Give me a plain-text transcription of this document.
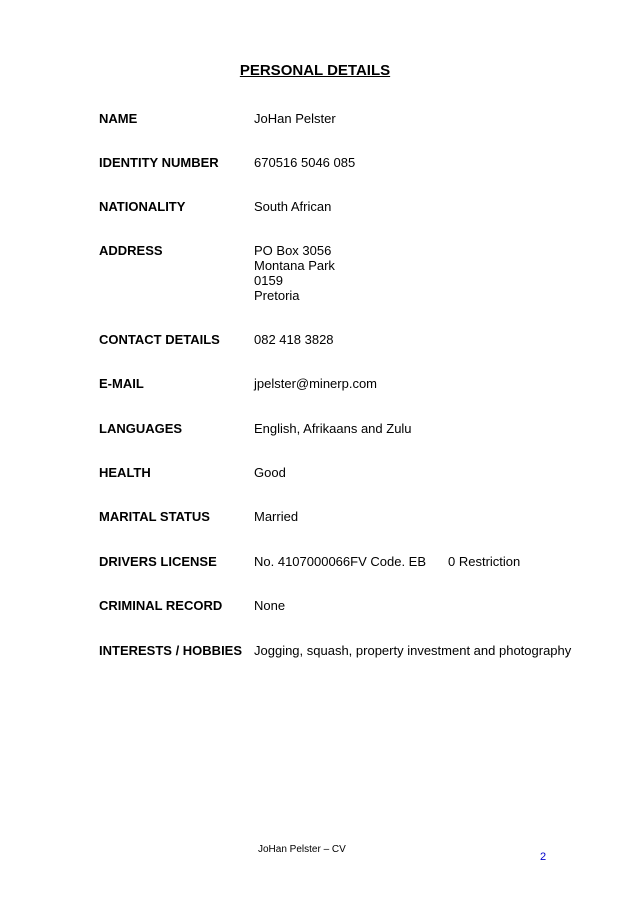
PERSONAL DETAILS
NAME	JoHan Pelster
IDENTITY NUMBER	670516 5046 085
NATIONALITY	South African
ADDRESS	PO Box 3056
Montana Park
0159
Pretoria
CONTACT DETAILS	082 418 3828
E-MAIL	jpelster@minerp.com
LANGUAGES	English, Afrikaans and Zulu
HEALTH	Good
MARITAL STATUS	Married
DRIVERS LICENSE	No. 4107000066FV Code. EB 0 Restriction
CRIMINAL RECORD None
INTERESTS / HOBBIES Jogging, squash, property investment and photography
JoHan Pelster – CV
2
